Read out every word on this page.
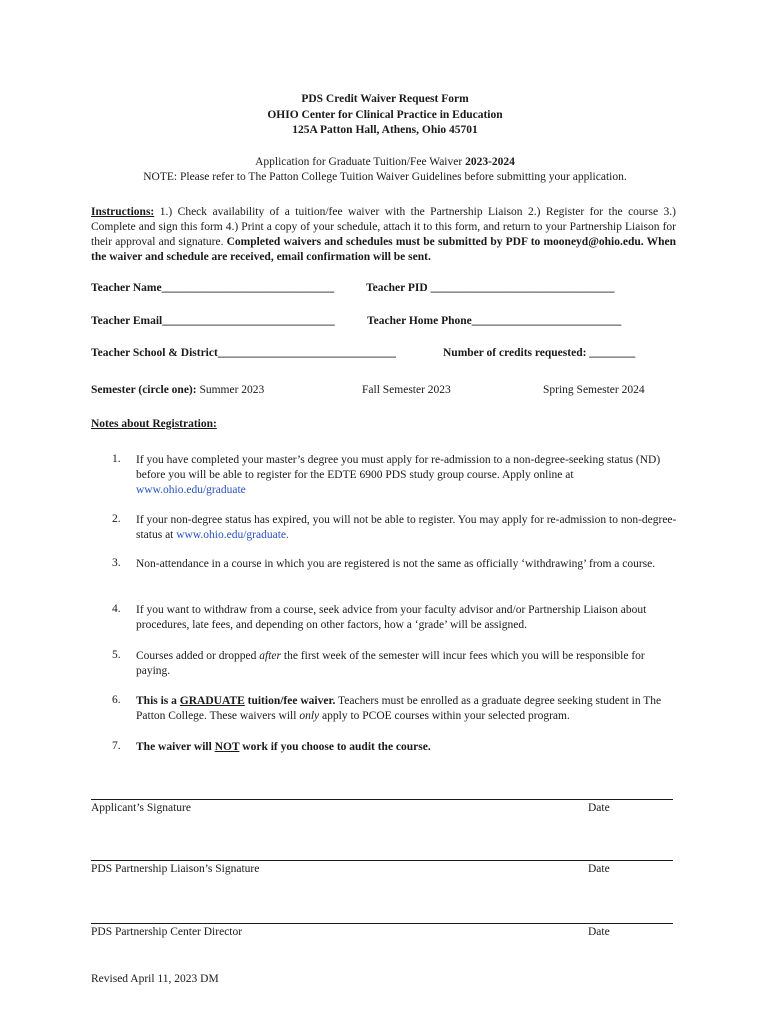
PDS Credit Waiver Request Form
OHIO Center for Clinical Practice in Education
125A Patton Hall, Athens, Ohio 45701
Application for Graduate Tuition/Fee Waiver 2023-2024
NOTE: Please refer to The Patton College Tuition Waiver Guidelines before submitting your application.
Instructions: 1.) Check availability of a tuition/fee waiver with the Partnership Liaison 2.) Register for the course 3.) Complete and sign this form 4.) Print a copy of your schedule, attach it to this form, and return to your Partnership Liaison for their approval and signature. Completed waivers and schedules must be submitted by PDF to mooneyd@ohio.edu. When the waiver and schedule are received, email confirmation will be sent.
Teacher Name______________________________	Teacher PID ________________________________
Teacher Email______________________________	Teacher Home Phone__________________________
Teacher School & District_______________________________	Number of credits requested: ________
Semester (circle one): Summer 2023	Fall Semester 2023	Spring Semester 2024
Notes about Registration:
1. If you have completed your master’s degree you must apply for re-admission to a non-degree-seeking status (ND) before you will be able to register for the EDTE 6900 PDS study group course. Apply online at www.ohio.edu/graduate
2. If your non-degree status has expired, you will not be able to register. You may apply for re-admission to non-degree-status at www.ohio.edu/graduate.
3. Non-attendance in a course in which you are registered is not the same as officially ‘withdrawing’ from a course.
4. If you want to withdraw from a course, seek advice from your faculty advisor and/or Partnership Liaison about procedures, late fees, and depending on other factors, how a ‘grade’ will be assigned.
5. Courses added or dropped after the first week of the semester will incur fees which you will be responsible for paying.
6. This is a GRADUATE tuition/fee waiver. Teachers must be enrolled as a graduate degree seeking student in The Patton College. These waivers will only apply to PCOE courses within your selected program.
7. The waiver will NOT work if you choose to audit the course.
Applicant’s Signature	Date
PDS Partnership Liaison’s Signature	Date
PDS Partnership Center Director	Date
Revised April 11, 2023 DM
